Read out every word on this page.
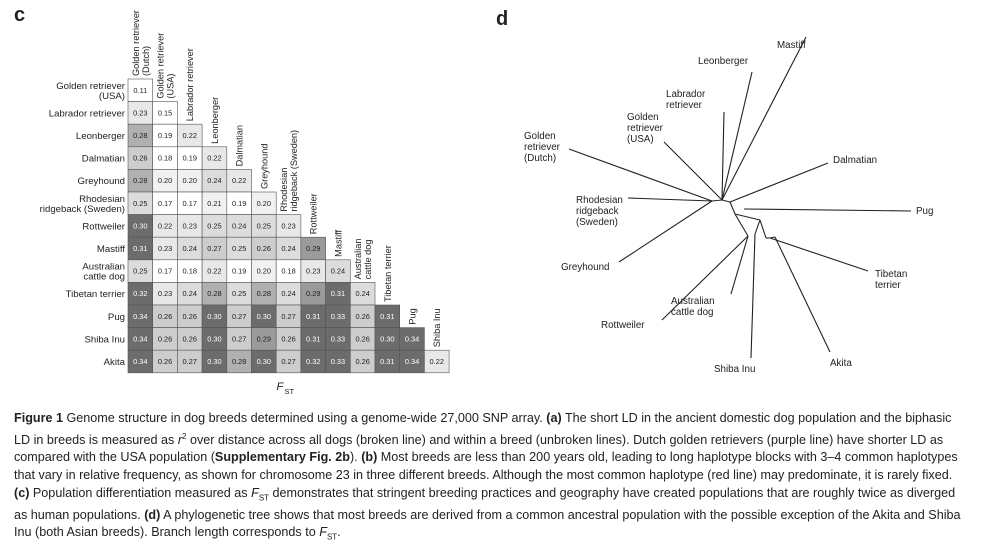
c	d
0.11
0.23 0.15
0.28 0.19 0.22
0.26 0.18 0.19 0.22
0.28 0.20 0.20 0.24 0.22
0.25 0.17 0.17 0.21 0.19 0.20
0.30 0.22 0.23 0.25 0.24 0.25 0.23
0.31 0.23 0.24 0.27 0.25 0.26 0.24 0.29
0.25 0.17 0.18 0.22 0.19 0.20 0.18 0.23 0.24
0.32 0.23 0.24 0.28 0.25 0.28 0.24 0.29 0.31 0.24
0.34 0.26 0.26 0.30 0.27 0.30 0.27 0.31 0.33 0.26 0.31
0.34 0.26 0.26 0.30 0.27 0.29 0.26 0.31 0.33 0.26 0.30 0.34
0.34 0.26 0.27 0.30 0.28 0.30 0.27 0.32 0.33 0.26 0.31 0.34 0.22
Golden retriever
(USA)
Labrador retriever
Leonberger
Dalmatian
Greyhound
Rhodesian
ridgeback (Sweden)
Rottweiler
Mastiff
Australian
cattle dog
Tibetan terrier
Pug
Shiba Inu
Akita
Golden retriever (Dutch) Golden retriever (USA) Labrador retriever Leonberger
Dalmatian Greyhound
Rhodesian ridgeback (Sweden)
Rottweiler
Mastiff Australian cattle dog Tibetan terrier
Pug Shiba Inu
F ST
Mastiff
Leonberger
Labrador
retriever
Golden
retriever
(USA)
Golden
retriever
(Dutch)	Dalmatian
Rhodesian
ridgeback
(Sweden)
Pug
Greyhound
Tibetan
terrier
Australian
cattle dog
Rottweiler
Akita
Shiba Inu

Figure 1 Genome structure in dog breeds determined using a genome-wide 27,000 SNP array. (a) The short LD in the ancient domestic dog population and the biphasic LD in breeds is measured as $r^2$ over distance across all dogs (broken line) and within a breed (unbroken lines). Dutch golden retrievers (purple line) have shorter LD as compared with the USA population (Supplementary Fig. 2b). (b) Most breeds are less than 200 years old, leading to long haplotype blocks with 3–4 common haplotypes that vary in relative frequency, as shown for chromosome 23 in three different breeds. Although the most common haplotype (red line) may predominate, it is rarely fixed. (c) Population differentiation measured as $F_{ST}$ demonstrates that stringent breeding practices and geography have created populations that are roughly twice as diverged as human populations. (d) A phylogenetic tree shows that most breeds are derived from a common ancestral population with the possible exception of the Akita and Shiba Inu (both Asian breeds). Branch length corresponds to $F_{ST}$.
